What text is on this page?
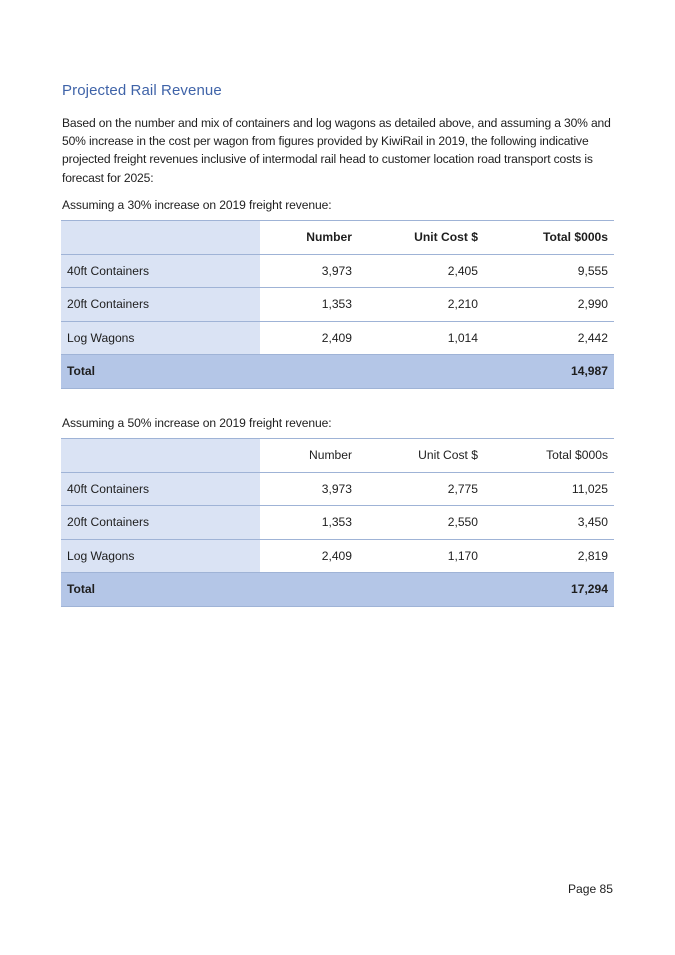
Projected Rail Revenue
Based on the number and mix of containers and log wagons as detailed above, and assuming a 30% and 50% increase in the cost per wagon from figures provided by KiwiRail in 2019, the following indicative projected freight revenues inclusive of intermodal rail head to customer location road transport costs is forecast for 2025:
Assuming a 30% increase on 2019 freight revenue:
	Number	Unit Cost $	Total $000s
40ft Containers	3,973	2,405	9,555
20ft Containers	1,353	2,210	2,990
Log Wagons	2,409	1,014	2,442
Total			14,987
Assuming a 50% increase on 2019 freight revenue:
	Number	Unit Cost $	Total $000s
40ft Containers	3,973	2,775	11,025
20ft Containers	1,353	2,550	3,450
Log Wagons	2,409	1,170	2,819
Total			17,294
Page 85
